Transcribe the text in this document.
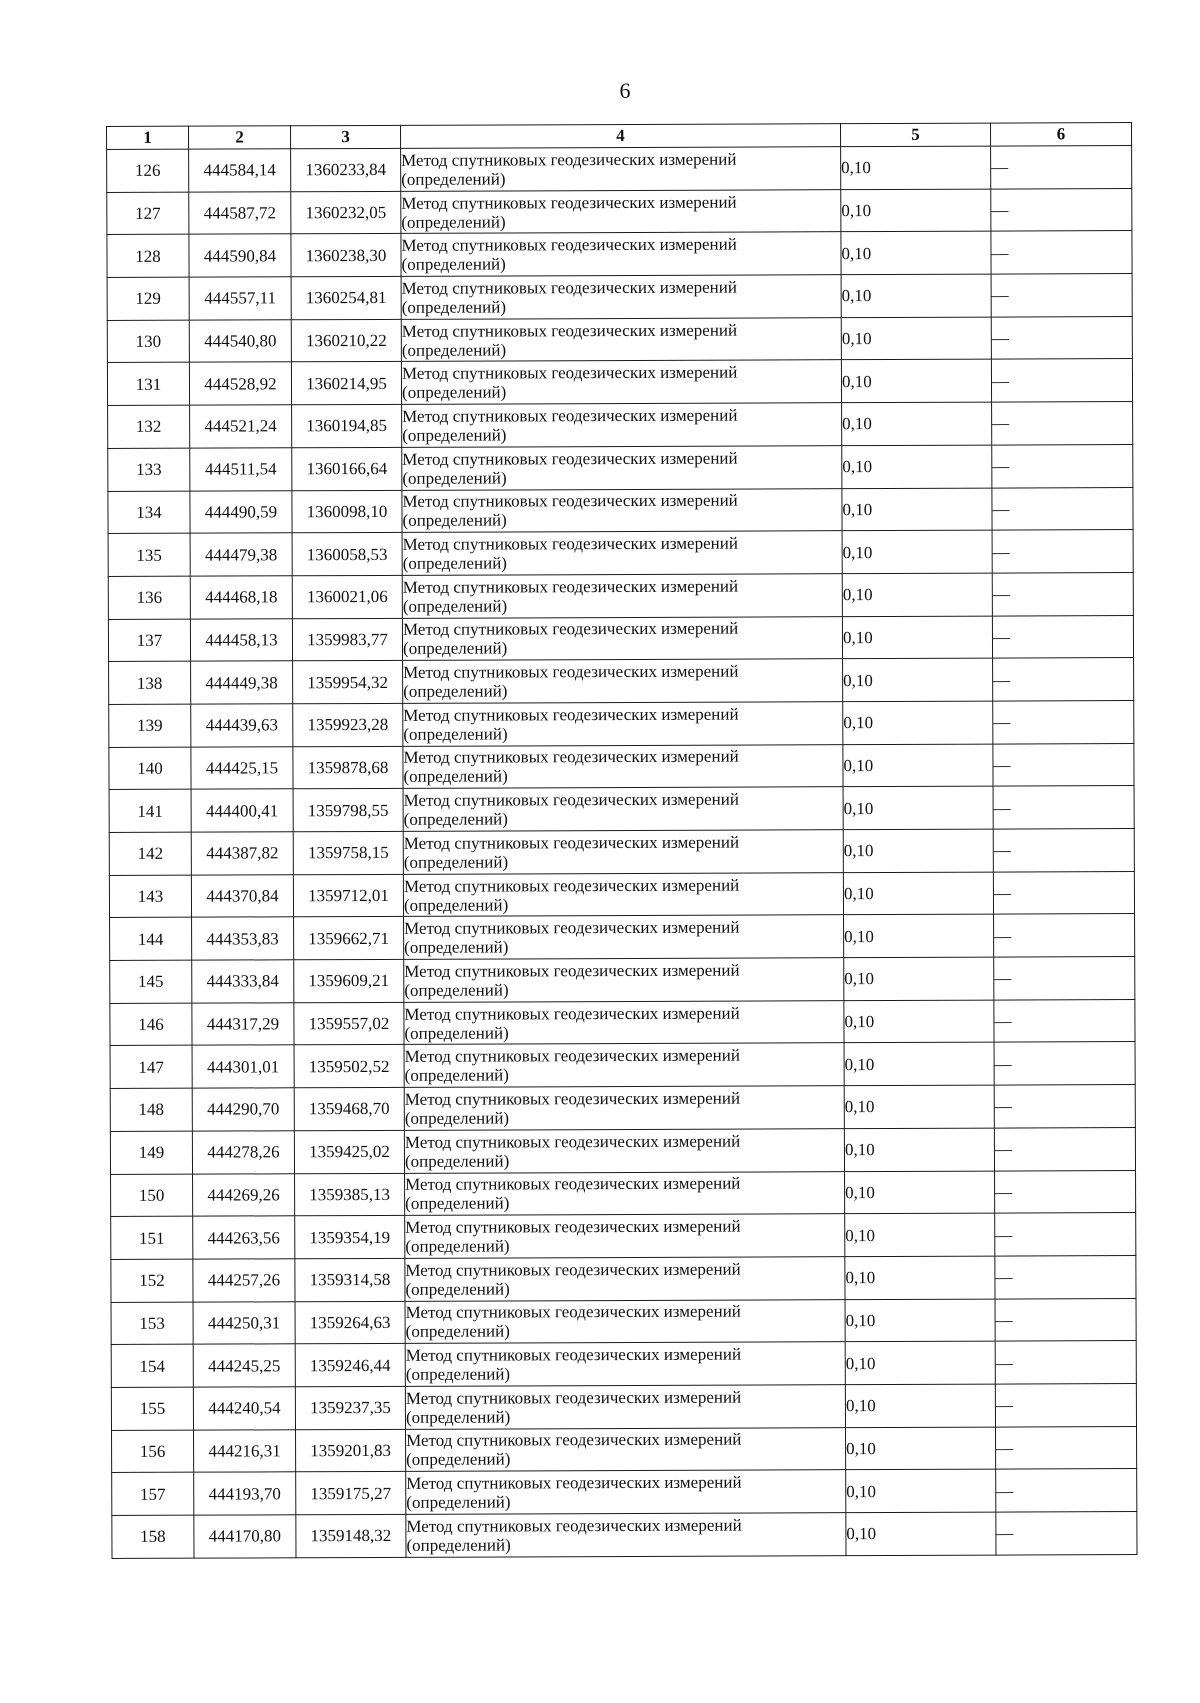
6
1	2	3	4	5	6
126	444584,14	1360233,84	Метод спутниковых геодезических измерений (определений)	0,10	—
127	444587,72	1360232,05	Метод спутниковых геодезических измерений (определений)	0,10	—
128	444590,84	1360238,30	Метод спутниковых геодезических измерений (определений)	0,10	—
129	444557,11	1360254,81	Метод спутниковых геодезических измерений (определений)	0,10	—
130	444540,80	1360210,22	Метод спутниковых геодезических измерений (определений)	0,10	—
131	444528,92	1360214,95	Метод спутниковых геодезических измерений (определений)	0,10	—
132	444521,24	1360194,85	Метод спутниковых геодезических измерений (определений)	0,10	—
133	444511,54	1360166,64	Метод спутниковых геодезических измерений (определений)	0,10	—
134	444490,59	1360098,10	Метод спутниковых геодезических измерений (определений)	0,10	—
135	444479,38	1360058,53	Метод спутниковых геодезических измерений (определений)	0,10	—
136	444468,18	1360021,06	Метод спутниковых геодезических измерений (определений)	0,10	—
137	444458,13	1359983,77	Метод спутниковых геодезических измерений (определений)	0,10	—
138	444449,38	1359954,32	Метод спутниковых геодезических измерений (определений)	0,10	—
139	444439,63	1359923,28	Метод спутниковых геодезических измерений (определений)	0,10	—
140	444425,15	1359878,68	Метод спутниковых геодезических измерений (определений)	0,10	—
141	444400,41	1359798,55	Метод спутниковых геодезических измерений (определений)	0,10	—
142	444387,82	1359758,15	Метод спутниковых геодезических измерений (определений)	0,10	—
143	444370,84	1359712,01	Метод спутниковых геодезических измерений (определений)	0,10	—
144	444353,83	1359662,71	Метод спутниковых геодезических измерений (определений)	0,10	—
145	444333,84	1359609,21	Метод спутниковых геодезических измерений (определений)	0,10	—
146	444317,29	1359557,02	Метод спутниковых геодезических измерений (определений)	0,10	—
147	444301,01	1359502,52	Метод спутниковых геодезических измерений (определений)	0,10	—
148	444290,70	1359468,70	Метод спутниковых геодезических измерений (определений)	0,10	—
149	444278,26	1359425,02	Метод спутниковых геодезических измерений (определений)	0,10	—
150	444269,26	1359385,13	Метод спутниковых геодезических измерений (определений)	0,10	—
151	444263,56	1359354,19	Метод спутниковых геодезических измерений (определений)	0,10	—
152	444257,26	1359314,58	Метод спутниковых геодезических измерений (определений)	0,10	—
153	444250,31	1359264,63	Метод спутниковых геодезических измерений (определений)	0,10	—
154	444245,25	1359246,44	Метод спутниковых геодезических измерений (определений)	0,10	—
155	444240,54	1359237,35	Метод спутниковых геодезических измерений (определений)	0,10	—
156	444216,31	1359201,83	Метод спутниковых геодезических измерений (определений)	0,10	—
157	444193,70	1359175,27	Метод спутниковых геодезических измерений (определений)	0,10	—
158	444170,80	1359148,32	Метод спутниковых геодезических измерений (определений)	0,10	—
